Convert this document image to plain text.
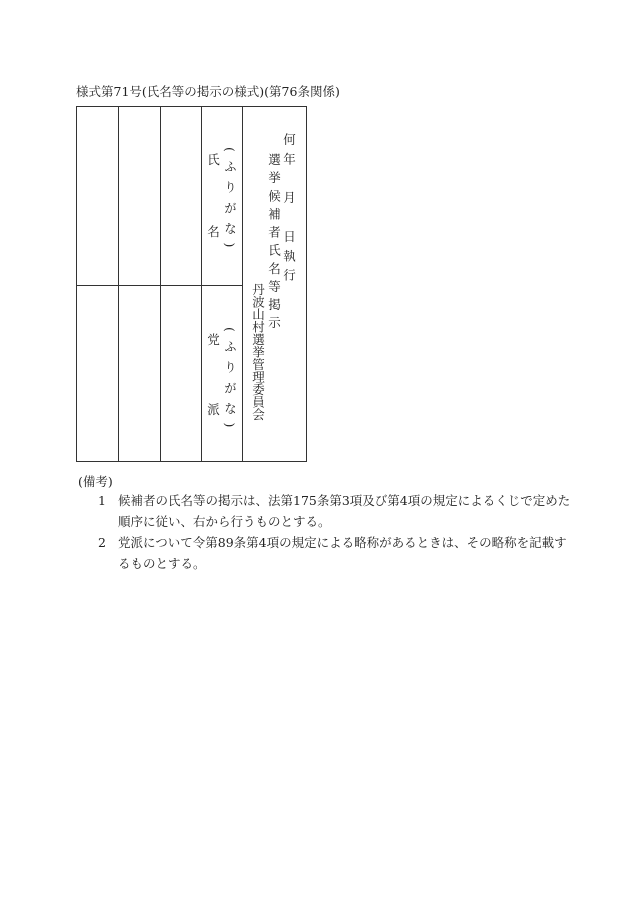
様式第71号(氏名等の掲示の様式)(第76条関係)
氏
名 (ふりがな)
党
派 (ふりがな)
何年　月　日執行
選挙候補者氏名等掲示
丹波山村選挙管理委員会
(備考)
1 候補者の氏名等の掲示は、法第175条第3項及び第4項の規定によるくじで定めた順序に従い、右から行うものとする。
2 党派について令第89条第4項の規定による略称があるときは、その略称を記載するものとする。
